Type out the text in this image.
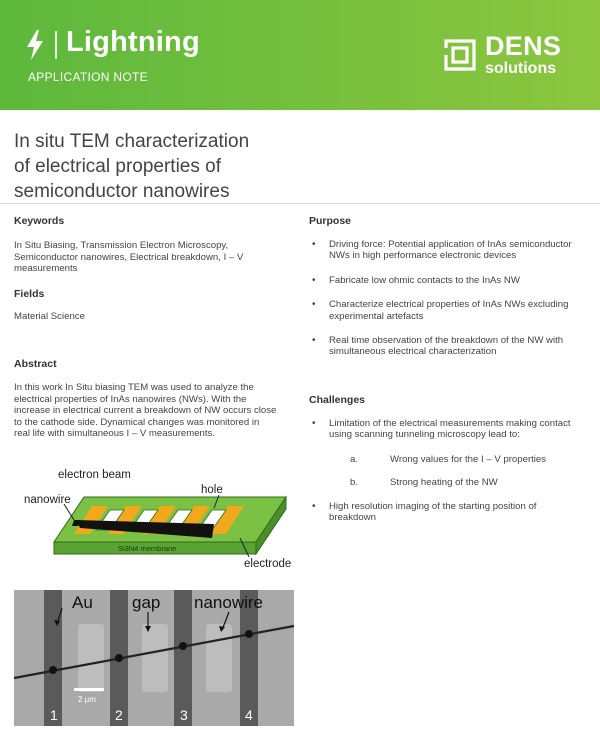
Lightning
APPLICATION NOTE
DENS
solutions
In situ TEM characterization
of electrical properties of
semiconductor nanowires
Keywords
In Situ Biasing, Transmission Electron Microscopy,
Semiconductor nanowires, Electrical breakdown, I – V
measurements
Fields
Material Science
Abstract
In this work In Situ biasing TEM was used to analyze the
electrical properties of InAs nanowires (NWs). With the
increase in electrical current a breakdown of NW occurs close
to the cathode side. Dynamical changes was monitored in
real life with simultaneous I – V measurements.
Purpose
• Driving force: Potential application of InAs semiconductor
NWs in high performance electronic devices
• Fabricate low ohmic contacts to the InAs NW
• Characterize electrical properties of InAs NWs excluding
experimental artefacts
• Real time observation of the breakdown of the NW with
simultaneous electrical characterization
Challenges
• Limitation of the electrical measurements making contact
using scanning tunneling microscopy lead to:
a.	Wrong values for the I – V properties
b.	Strong heating of the NW
• High resolution imaging of the starting position of
breakdown
electron beam
nanowire
hole
Si3N4 membrane
electrode
Au gap nanowire
2 µm
1	2	3	4
